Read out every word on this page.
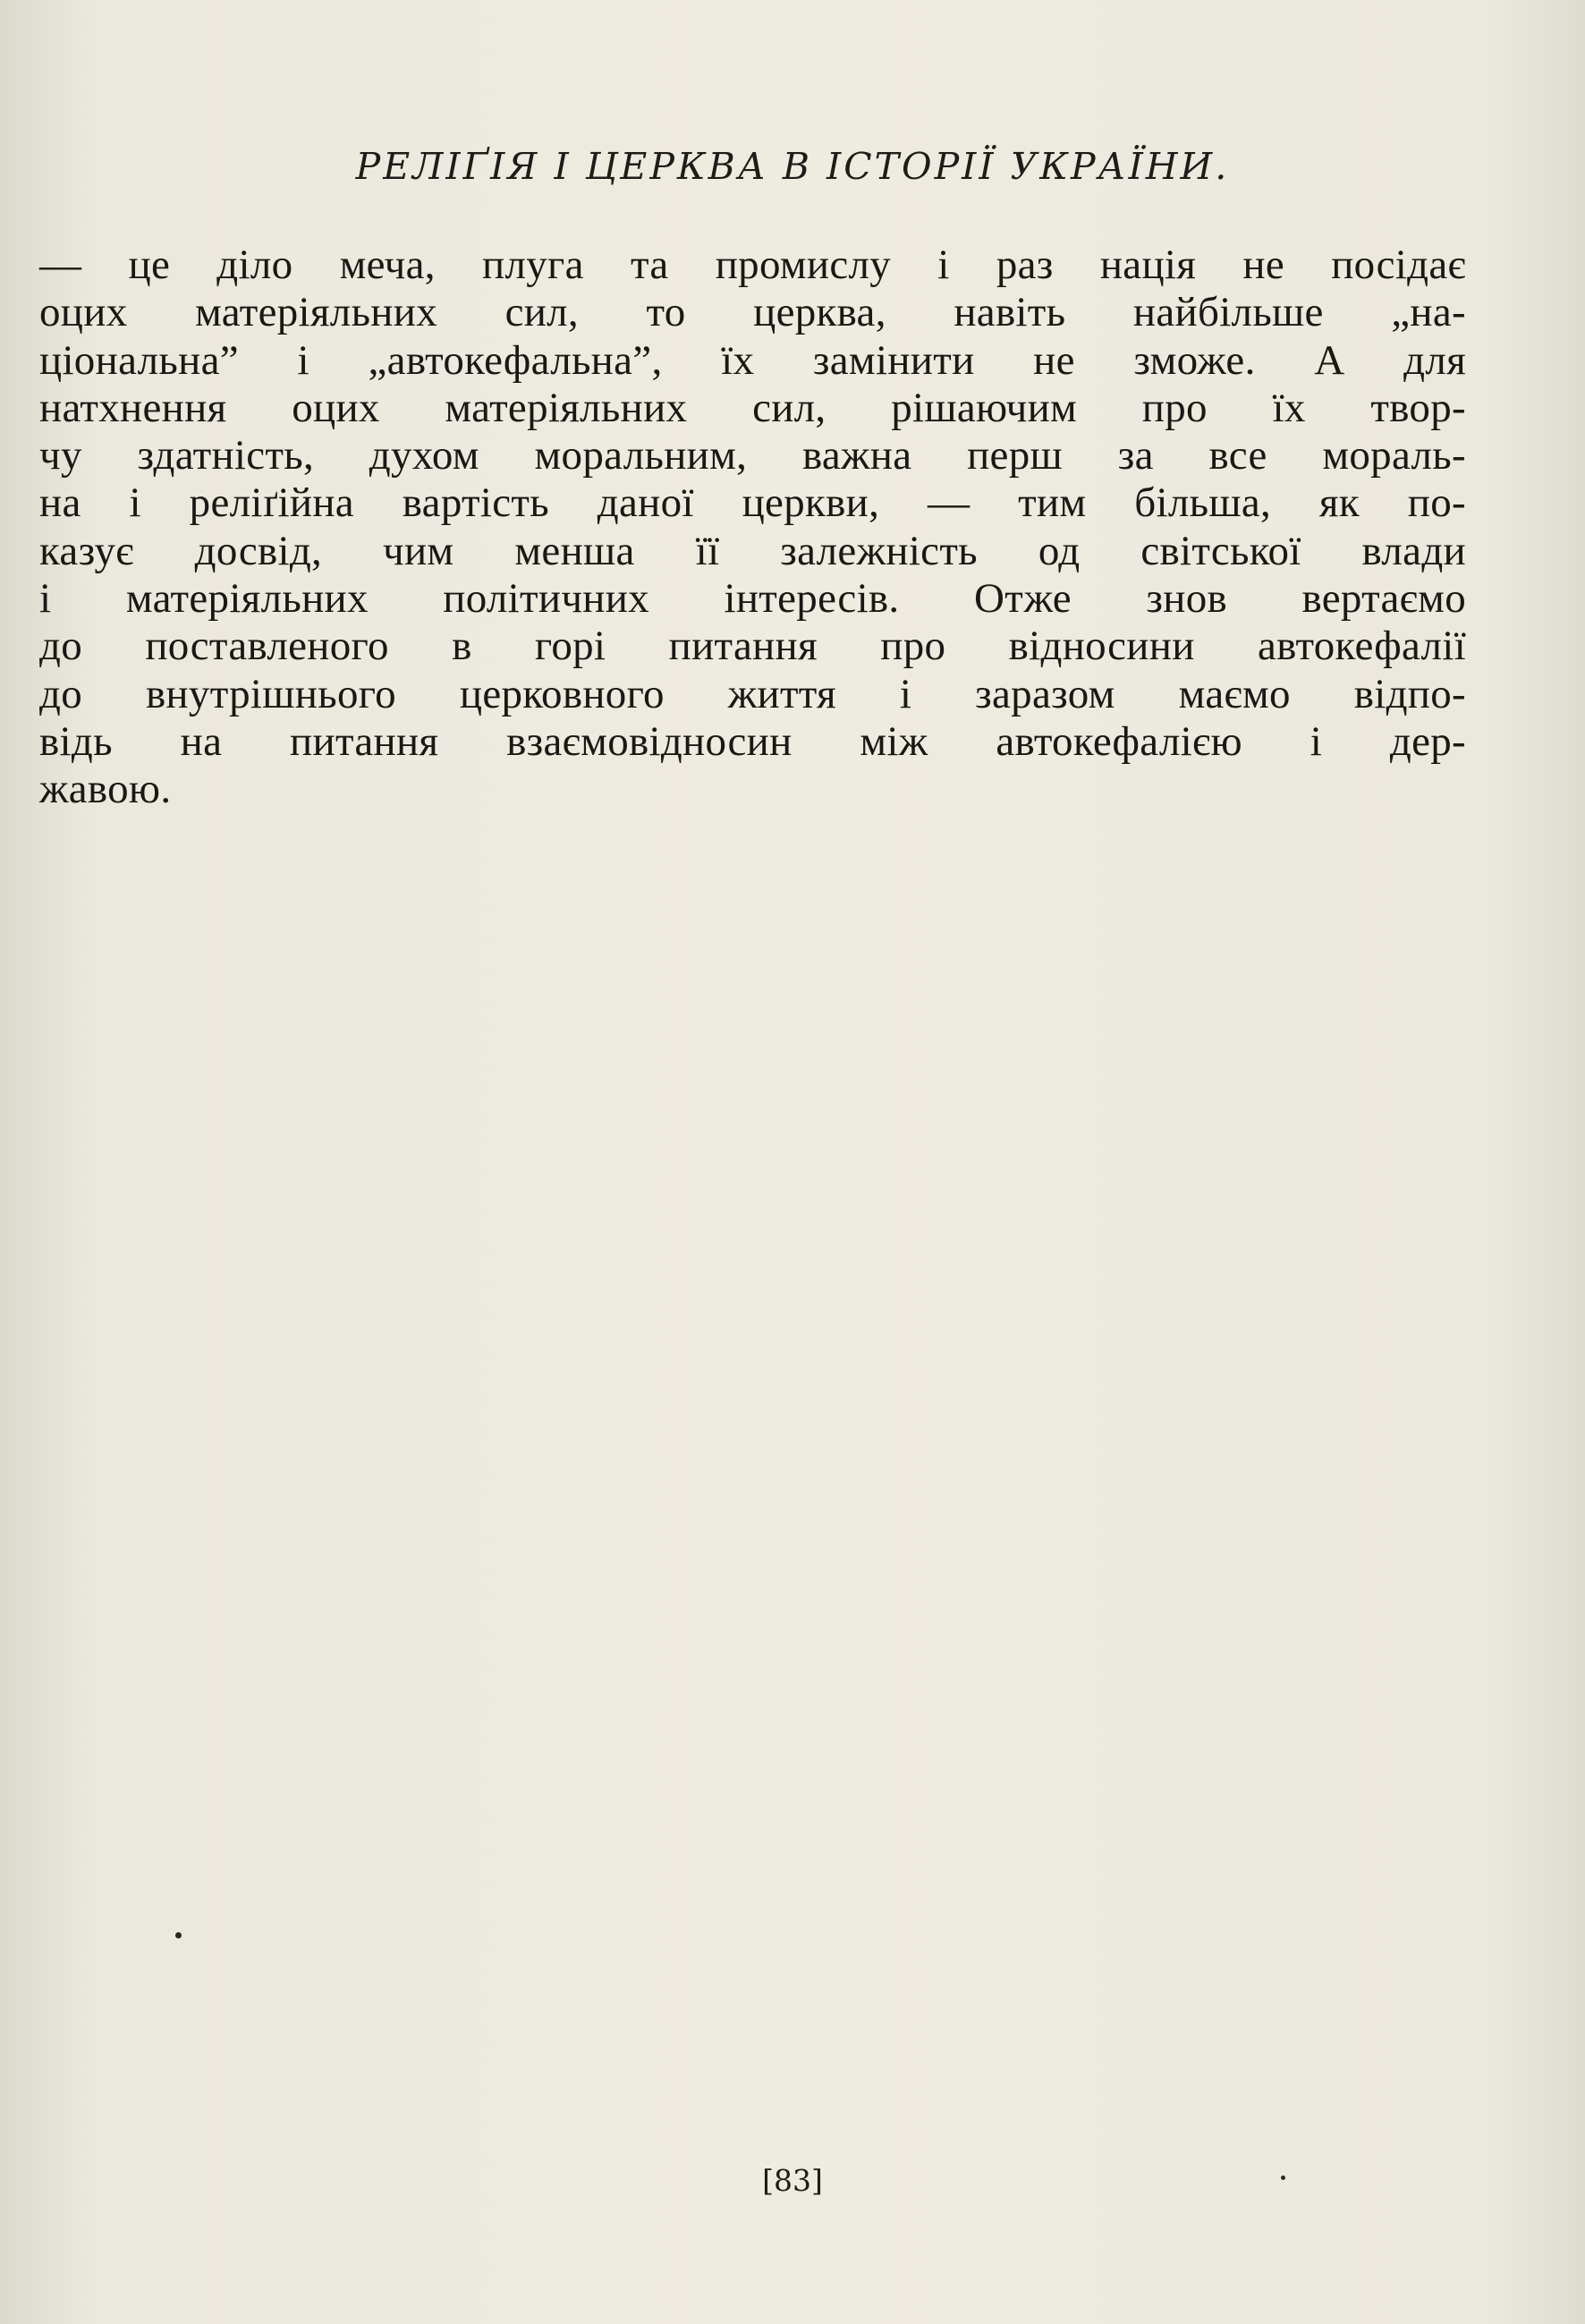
РЕЛІҐІЯ І ЦЕРКВА В ІСТОРІЇ УКРАЇНИ.
— це діло меча, плуга та промислу і раз нація не посідає
оцих матеріяльних сил, то церква, навіть найбільше „на-
ціональна” і „автокефальна”, їх замінити не зможе. А для
натхнення оцих матеріяльних сил, рішаючим про їх твор-
чу здатність, духом моральним, важна перш за все мораль-
на і реліґійна вартість даної церкви, — тим більша, як по-
казує досвід, чим менша її залежність од світської влади
і матеріяльних політичних інтересів. Отже знов вертаємо
до поставленого в горі питання про відносини автокефалії
до внутрішнього церковного життя і заразом маємо відпо-
відь на питання взаємовідносин між автокефалією і дер-
жавою.

[83]
